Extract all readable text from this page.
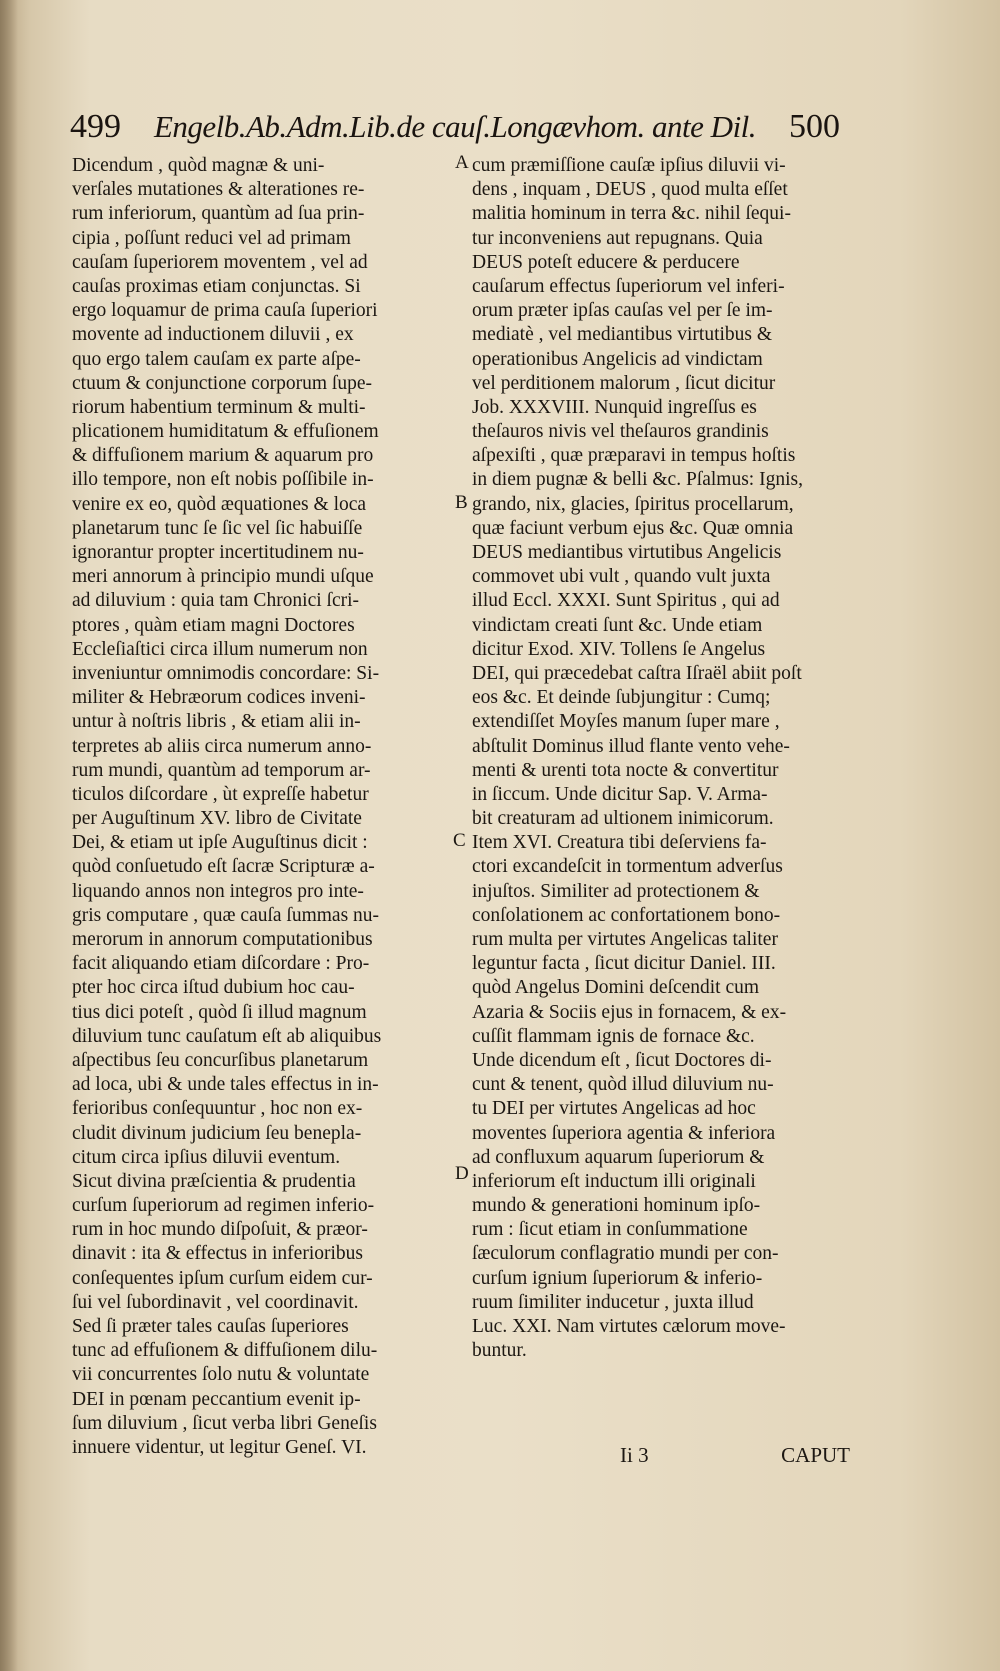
499 Engelb.Ab.Adm.Lib.de cauſ.Longævhom. ante Dil. 500
Dicendum , quòd magnæ & uni-
verſales mutationes & alterationes re-
rum inferiorum, quantùm ad ſua prin-
cipia , poſſunt reduci vel ad primam
cauſam ſuperiorem moventem , vel ad
cauſas proximas etiam conjunctas. Si
ergo loquamur de prima cauſa ſuperiori
movente ad inductionem diluvii , ex
quo ergo talem cauſam ex parte aſpe-
ctuum & conjunctione corporum ſupe-
riorum habentium terminum & multi-
plicationem humiditatum & effuſionem
& diffuſionem marium & aquarum pro
illo tempore, non eſt nobis poſſibile in-
venire ex eo, quòd æquationes & loca
planetarum tunc ſe ſic vel ſic habuiſſe
ignorantur propter incertitudinem nu-
meri annorum à principio mundi uſque
ad diluvium : quia tam Chronici ſcri-
ptores , quàm etiam magni Doctores
Eccleſiaſtici circa illum numerum non
inveniuntur omnimodis concordare: Si-
militer & Hebræorum codices inveni-
untur à noſtris libris , & etiam alii in-
terpretes ab aliis circa numerum anno-
rum mundi, quantùm ad temporum ar-
ticulos diſcordare , ùt expreſſe habetur
per Auguſtinum XV. libro de Civitate
Dei, & etiam ut ipſe Auguſtinus dicit :
quòd conſuetudo eſt ſacræ Scripturæ a-
liquando annos non integros pro inte-
gris computare , quæ cauſa ſummas nu-
merorum in annorum computationibus
facit aliquando etiam diſcordare : Pro-
pter hoc circa iſtud dubium hoc cau-
tius dici poteſt , quòd ſi illud magnum
diluvium tunc cauſatum eſt ab aliquibus
aſpectibus ſeu concurſibus planetarum
ad loca, ubi & unde tales effectus in in-
ferioribus conſequuntur , hoc non ex-
cludit divinum judicium ſeu benepla-
citum circa ipſius diluvii eventum.
Sicut divina præſcientia & prudentia
curſum ſuperiorum ad regimen inferio-
rum in hoc mundo diſpoſuit, & præor-
dinavit : ita & effectus in inferioribus
conſequentes ipſum curſum eidem cur-
ſui vel ſubordinavit , vel coordinavit.
Sed ſi præter tales cauſas ſuperiores
tunc ad effuſionem & diffuſionem dilu-
vii concurrentes ſolo nutu & voluntate
DEI in pœnam peccantium evenit ip-
ſum diluvium , ſicut verba libri Geneſis
innuere videntur, ut legitur Geneſ. VI.
cum præmiſſione cauſæ ipſius diluvii vi-
dens , inquam , DEUS , quod multa eſſet
malitia hominum in terra &c. nihil ſequi-
tur inconveniens aut repugnans. Quia
DEUS poteſt educere & perducere
cauſarum effectus ſuperiorum vel inferi-
orum præter ipſas cauſas vel per ſe im-
mediatè , vel mediantibus virtutibus &
operationibus Angelicis ad vindictam
vel perditionem malorum , ſicut dicitur
Job. XXXVIII. Nunquid ingreſſus es
theſauros nivis vel theſauros grandinis
aſpexiſti , quæ præparavi in tempus hoſtis
in diem pugnæ & belli &c. Pſalmus: Ignis,
grando, nix, glacies, ſpiritus procellarum,
quæ faciunt verbum ejus &c. Quæ omnia
DEUS mediantibus virtutibus Angelicis
commovet ubi vult , quando vult juxta
illud Eccl. XXXI. Sunt Spiritus , qui ad
vindictam creati ſunt &c. Unde etiam
dicitur Exod. XIV. Tollens ſe Angelus
DEI, qui præcedebat caſtra Iſraël abiit poſt
eos &c. Et deinde ſubjungitur : Cumq;
extendiſſet Moyſes manum ſuper mare ,
abſtulit Dominus illud flante vento vehe-
menti & urenti tota nocte & convertitur
in ſiccum. Unde dicitur Sap. V. Arma-
bit creaturam ad ultionem inimicorum.
Item XVI. Creatura tibi deſerviens fa-
ctori excandeſcit in tormentum adverſus
injuſtos. Similiter ad protectionem &
conſolationem ac confortationem bono-
rum multa per virtutes Angelicas taliter
leguntur facta , ſicut dicitur Daniel. III.
quòd Angelus Domini deſcendit cum
Azaria & Sociis ejus in fornacem, & ex-
cuſſit flammam ignis de fornace &c.
Unde dicendum eſt , ſicut Doctores di-
cunt & tenent, quòd illud diluvium nu-
tu DEI per virtutes Angelicas ad hoc
moventes ſuperiora agentia & inferiora
ad confluxum aquarum ſuperiorum &
inferiorum eſt inductum illi originali
mundo & generationi hominum ipſo-
rum : ſicut etiam in conſummatione
ſæculorum conflagratio mundi per con-
curſum ignium ſuperiorum & inferio-
ruum ſimiliter inducetur , juxta illud
Luc. XXI. Nam virtutes cælorum move-
buntur.
A
B
C
D
Ii 3	CAPUT
